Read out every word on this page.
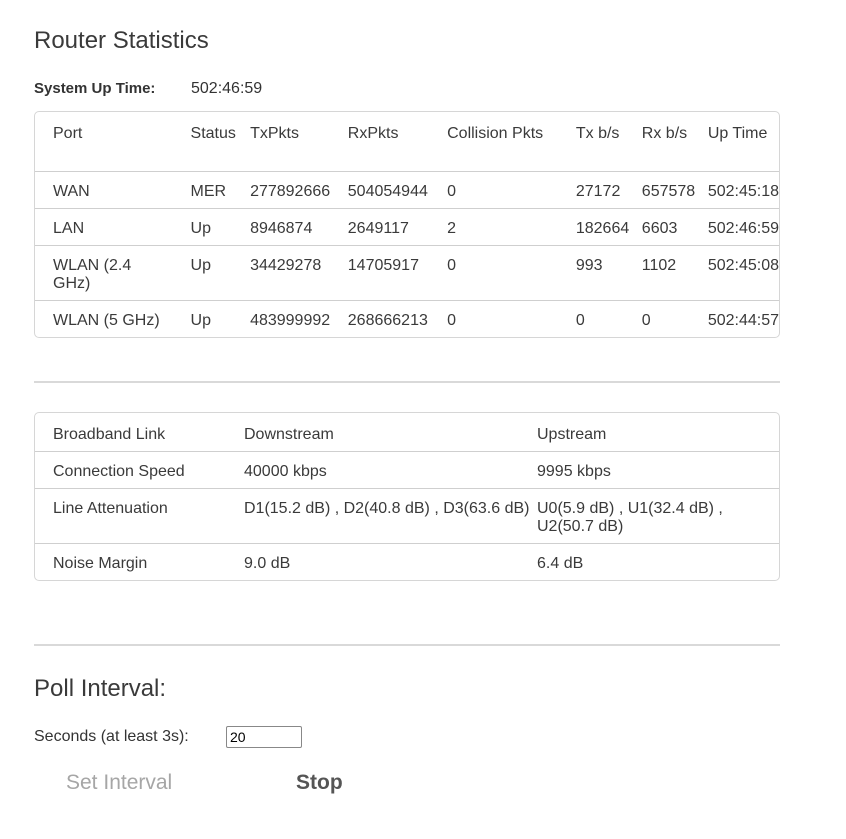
Router Statistics
System Up Time: 502:46:59
Port	Status	TxPkts	RxPkts	Collision Pkts	Tx b/s	Rx b/s	Up Time
WAN	MER	277892666	504054944	0	27172	657578	502:45:18
LAN	Up	8946874	2649117	2	182664	6603	502:46:59
WLAN (2.4 GHz)	Up	34429278	14705917	0	993	1102	502:45:08
WLAN (5 GHz)	Up	483999992	268666213	0	0	0	502:44:57
Broadband Link	Downstream	Upstream
Connection Speed	40000 kbps	9995 kbps
Line Attenuation	D1(15.2 dB) , D2(40.8 dB) , D3(63.6 dB)	U0(5.9 dB) , U1(32.4 dB) , U2(50.7 dB)
Noise Margin	9.0 dB	6.4 dB
Poll Interval:
Seconds (at least 3s):20
Set Interval	Stop
